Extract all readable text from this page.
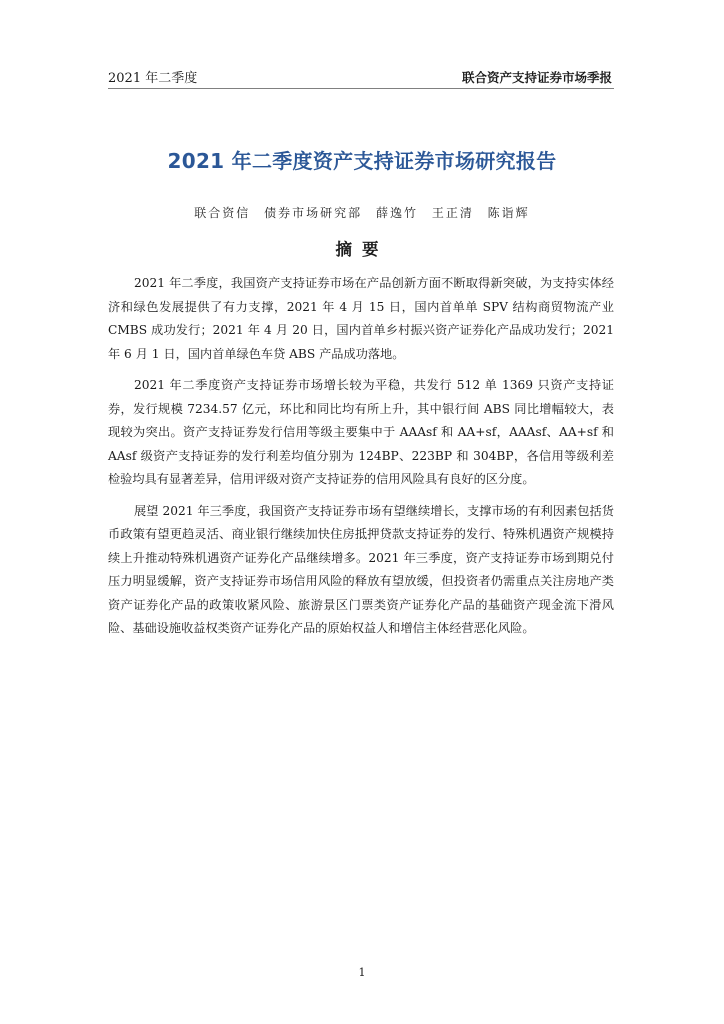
2021 年二季度	联合资产支持证券市场季报
2021 年二季度资产支持证券市场研究报告
联合资信 债券市场研究部 薛逸竹 王正清 陈诣辉
摘要

2021 年二季度，我国资产支持证券市场在产品创新方面不断取得新突破，为支持实体经济和绿色发展提供了有力支撑，2021 年 4 月 15 日，国内首单单 SPV 结构商贸物流产业 CMBS 成功发行；2021 年 4 月 20 日，国内首单乡村振兴资产证券化产品成功发行；2021 年 6 月 1 日，国内首单绿色车贷 ABS 产品成功落地。

2021 年二季度资产支持证券市场增长较为平稳，共发行 512 单 1369 只资产支持证券，发行规模 7234.57 亿元，环比和同比均有所上升，其中银行间 ABS 同比增幅较大，表现较为突出。资产支持证券发行信用等级主要集中于 AAAsf 和 AA+sf，AAAsf、AA+sf 和 AAsf 级资产支持证券的发行利差均值分别为 124BP、223BP 和 304BP，各信用等级利差检验均具有显著差异，信用评级对资产支持证券的信用风险具有良好的区分度。

展望 2021 年三季度，我国资产支持证券市场有望继续增长，支撑市场的有利因素包括货币政策有望更趋灵活、商业银行继续加快住房抵押贷款支持证券的发行、特殊机遇资产规模持续上升推动特殊机遇资产证券化产品继续增多。2021 年三季度，资产支持证券市场到期兑付压力明显缓解，资产支持证券市场信用风险的释放有望放缓，但投资者仍需重点关注房地产类资产证券化产品的政策收紧风险、旅游景区门票类资产证券化产品的基础资产现金流下滑风险、基础设施收益权类资产证券化产品的原始权益人和增信主体经营恶化风险。

1
